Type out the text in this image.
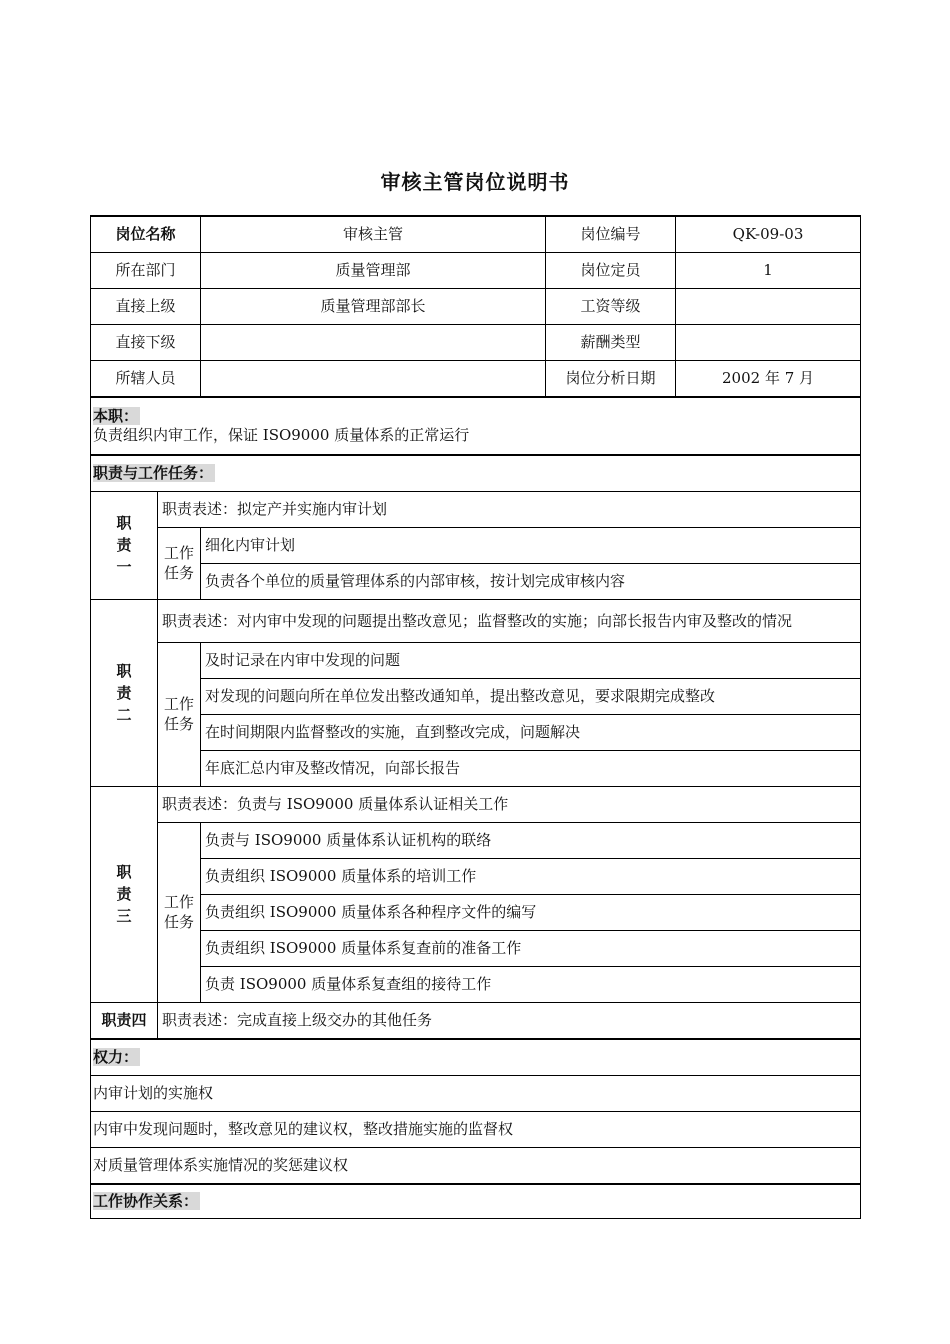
审核主管岗位说明书
岗位名称		审核主管	岗位编号	QK-09-03
所在部门		质量管理部	岗位定员	1
直接上级		质量管理部部长	工资等级	
直接下级			薪酬类型	
所辖人员			岗位分析日期	2002 年 7 月

本职：
负责组织内审工作，保证 ISO9000 质量体系的正常运行				

职责与工作任务：				

职
责
一	职责表述：拟定产并实施内审计划			

	工作
任务	细化内审计划		
		负责各个单位的质量管理体系的内部审核，按计划完成审核内容		

职
责
二	职责表述：对内审中发现的问题提出整改意见；监督整改的实施；向部长报告内审及整改的情况			

	工作
任务	及时记录在内审中发现的问题		
		对发现的问题向所在单位发出整改通知单，提出整改意见，要求限期完成整改		
		在时间期限内监督整改的实施，直到整改完成，问题解决		
		年底汇总内审及整改情况，向部长报告		

职
责
三	职责表述：负责与 ISO9000 质量体系认证相关工作			

	工作
任务	负责与 ISO9000 质量体系认证机构的联络		
		负责组织 ISO9000 质量体系的培训工作		
		负责组织 ISO9000 质量体系各种程序文件的编写		
		负责组织 ISO9000 质量体系复查前的准备工作		
		负责 ISO9000 质量体系复查组的接待工作		
职责四	职责表述：完成直接上级交办的其他任务			
权力：				
内审计划的实施权				
内审中发现问题时，整改意见的建议权，整改措施实施的监督权				
对质量管理体系实施情况的奖惩建议权				
工作协作关系：				
